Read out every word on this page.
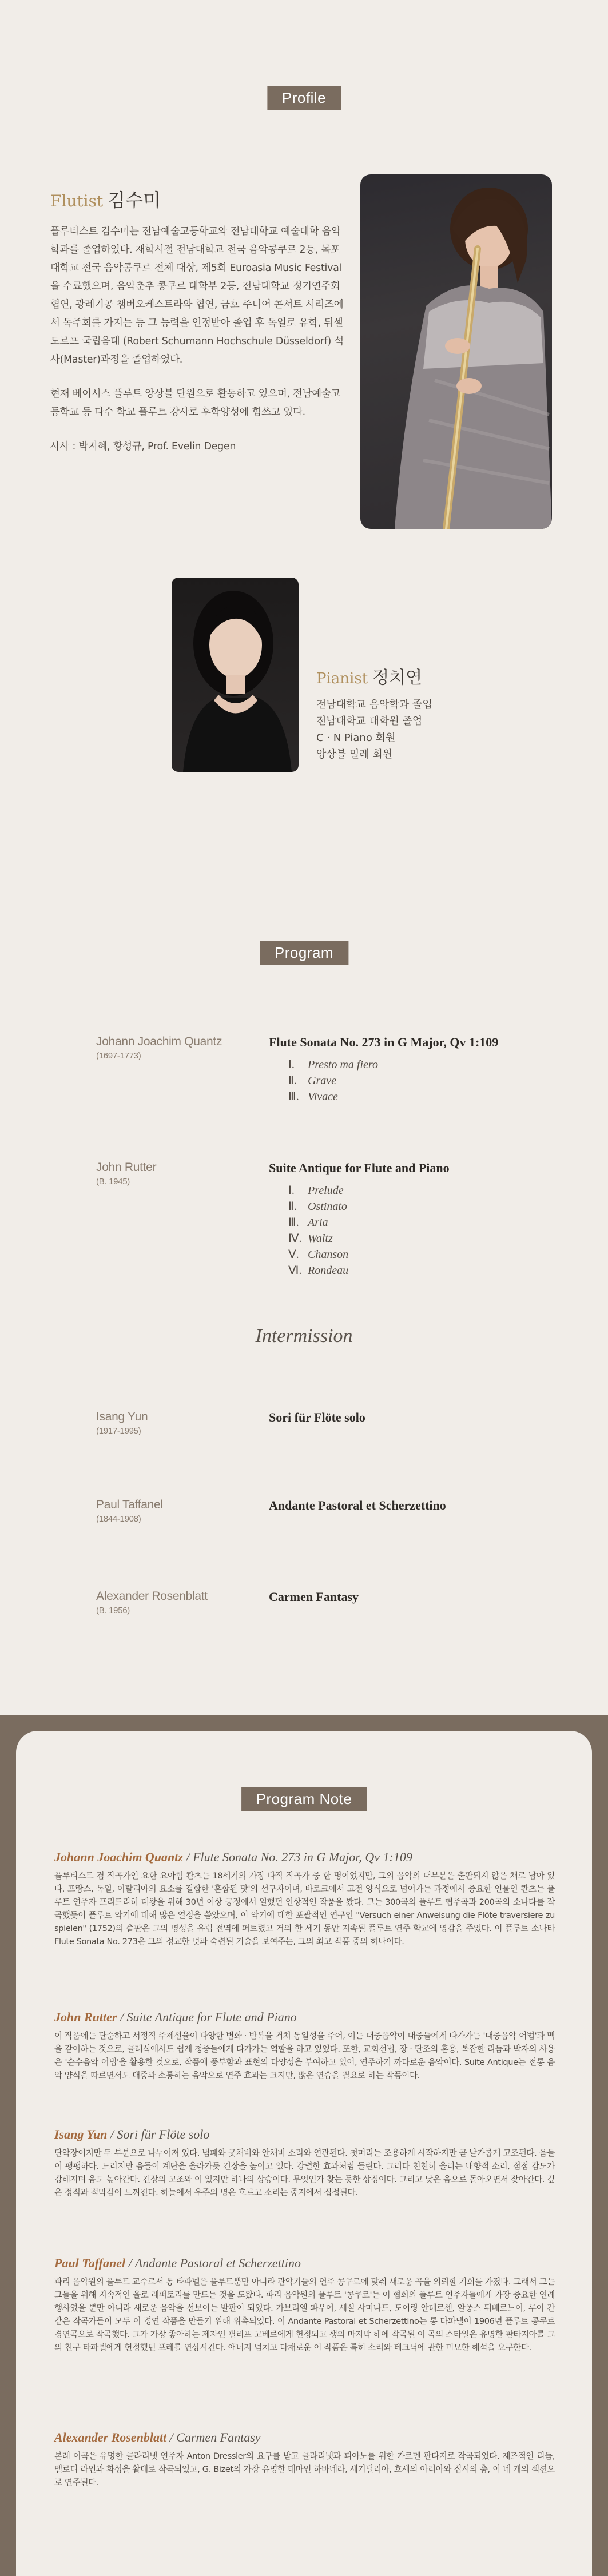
Profile
Flutist 김수미

플루티스트 김수미는 전남예술고등학교와 전남대학교 예술대학 음악학과를 졸업하였다. 재학시절 전남대학교 전국 음악콩쿠르 2등, 목포대학교 전국 음악콩쿠르 전체 대상, 제5회 Euroasia Music Festival을 수료했으며, 음악춘추 콩쿠르 대학부 2등, 전남대학교 정기연주회 협연, 광레기공 챔버오케스트라와 협연, 금호 주니어 콘서트 시리즈에서 독주회를 가지는 등 그 능력을 인정받아 졸업 후 독일로 유학, 뒤셀도르프 국립음대 (Robert Schumann Hochschule Düsseldorf) 석사(Master)과정을 졸업하였다.

현재 베이시스 플루트 앙상블 단원으로 활동하고 있으며, 전남예술고등학교 등 다수 학교 플루트 강사로 후학양성에 힘쓰고 있다.

사사 : 박지혜, 황성규, Prof. Evelin Degen

Pianist 정치연
전남대학교 음악학과 졸업
전남대학교 대학원 졸업
C · N Piano 회원
앙상블 밀레 회원
Program
Johann Joachim Quantz
(1697-1773)
Flute Sonata No. 273 in G Major, Qv 1:109
Ⅰ. Presto ma fiero
Ⅱ. Grave
Ⅲ. Vivace
John Rutter
(B. 1945)
Suite Antique for Flute and Piano
Ⅰ. Prelude
Ⅱ. Ostinato
Ⅲ. Aria
Ⅳ. Waltz
Ⅴ. Chanson
Ⅵ. Rondeau
Intermission
Isang Yun
(1917-1995)
Sori für Flöte solo
Paul Taffanel
(1844-1908)
Andante Pastoral et Scherzettino
Alexander Rosenblatt
(B. 1956)
Carmen Fantasy
Program Note
Johann Joachim Quantz / Flute Sonata No. 273 in G Major, Qv 1:109

플루티스트 겸 작곡가인 요한 요아힘 콴츠는 18세기의 가장 다작 작곡가 중 한 명이었지만, 그의 음악의 대부분은 출판되지 않은 채로 남아 있다. 프랑스, 독일, 이탈리아의 요소를 결합한 '혼합된 맛'의 선구자이며, 바로크에서 고전 양식으로 넘어가는 과정에서 중요한 인물인 콴츠는 플루트 연주자 프리드리히 대왕을 위해 30년 이상 궁정에서 일했던 인상적인 작품을 봤다. 그는 300곡의 플루트 협주곡과 200곡의 소나타를 작곡했듯이 플루트 악기에 대해 많은 열정을 쏟았으며, 이 악기에 대한 포괄적인 연구인 "Versuch einer Anweisung die Flöte traversiere zu spielen" (1752)의 출판은 그의 명성을 유럽 전역에 퍼트렸고 거의 한 세기 동안 지속된 플루트 연주 학교에 영감을 주었다. 이 플루트 소나타 Flute Sonata No. 273은 그의 정교한 멋과 숙련된 기술을 보여주는, 그의 최고 작품 중의 하나이다.

John Rutter / Suite Antique for Flute and Piano

이 작품에는 단순하고 서정적 주제선율이 다양한 변화 · 반복을 거쳐 통일성을 주어, 이는 대중음악이 대중들에게 다가가는 '대중음악 어법'과 맥을 같이하는 것으로, 클래식에서도 쉽게 청중들에게 다가가는 역할을 하고 있었다. 또한, 교회선법, 장 · 단조의 혼용, 복잡한 리듬과 박자의 사용은 '순수음악 어법'을 활용한 것으로, 작품에 풍부함과 표현의 다양성을 부여하고 있어, 연주하기 까다로운 음악이다. Suite Antique는 전통 음악 양식을 따르면서도 대중과 소통하는 음악으로 연주 효과는 크지만, 많은 연습을 필요로 하는 작품이다.

Isang Yun / Sori für Flöte solo

단악장이지만 두 부분으로 나누어져 있다. 범패와 굿채비와 안채비 소리와 연관된다. 첫머리는 조용하게 시작하지만 곧 날카롭게 고조된다. 음들이 팽팽하다. 느리지만 음들이 계단을 올라가듯 긴장을 높이고 있다. 강렬한 효과처럼 들린다. 그러다 천천히 올리는 내향적 소리, 점점 감도가 강해지며 음도 높아간다. 긴장의 고조와 이 있지만 하나의 상승이다. 무엇인가 찾는 듯한 상징이다. 그리고 낮은 음으로 돌아오면서 잦아간다. 깊은 정적과 적막감이 느껴진다. 하늘에서 우주의 명은 흐르고 소리는 중지에서 집접된다.

Paul Taffanel / Andante Pastoral et Scherzettino

파리 음악원의 플루트 교수로서 통 타파넬은 플루트뿐만 아니라 관악기들의 연주 콩쿠르에 맞춰 새로운 곡을 의뢰할 기회를 가졌다. 그래서 그는 그들을 위해 지속적인 율로 레퍼토리를 만드는 것을 도왔다. 파리 음악원의 플루트 '콩쿠르'는 이 협회의 플루트 연주자들에게 가장 중요한 연례 행사였을 뿐만 아니라 새로운 음악을 선보이는 발판이 되었다. 가브리엘 파우어, 세실 샤미나드, 도어링 안데르센, 알퐁스 뒤베르느이, 루이 간 같은 작곡가들이 모두 이 경연 작품을 만들기 위해 위촉되었다. 이 Andante Pastoral et Scherzettino는 통 타파넬이 1906년 플루트 콩쿠르 경연곡으로 작곡했다. 그가 가장 좋아하는 제자인 필리프 고베르에게 헌정되고 생의 마지막 해에 작곡된 이 곡의 스타일은 유명한 판타지아를 그의 친구 타파넬에게 헌정했던 포레를 연상시킨다. 애너지 넘치고 다채로운 이 작품은 특히 소리와 테크닉에 관한 미묘한 해석을 요구한다.

Alexander Rosenblatt / Carmen Fantasy

본래 이곡은 유명한 클라리넷 연주자 Anton Dressler의 요구를 받고 클라리넷과 피아노를 위한 카르멘 판타지로 작곡되었다. 재즈적인 리듬, 멜로디 라인과 화성을 활대로 작곡되었고, G. Bizet의 가장 유명한 테마인 하바네라, 세기딜리아, 호세의 아리아와 집시의 춤, 이 네 개의 섹션으로 연주된다.
